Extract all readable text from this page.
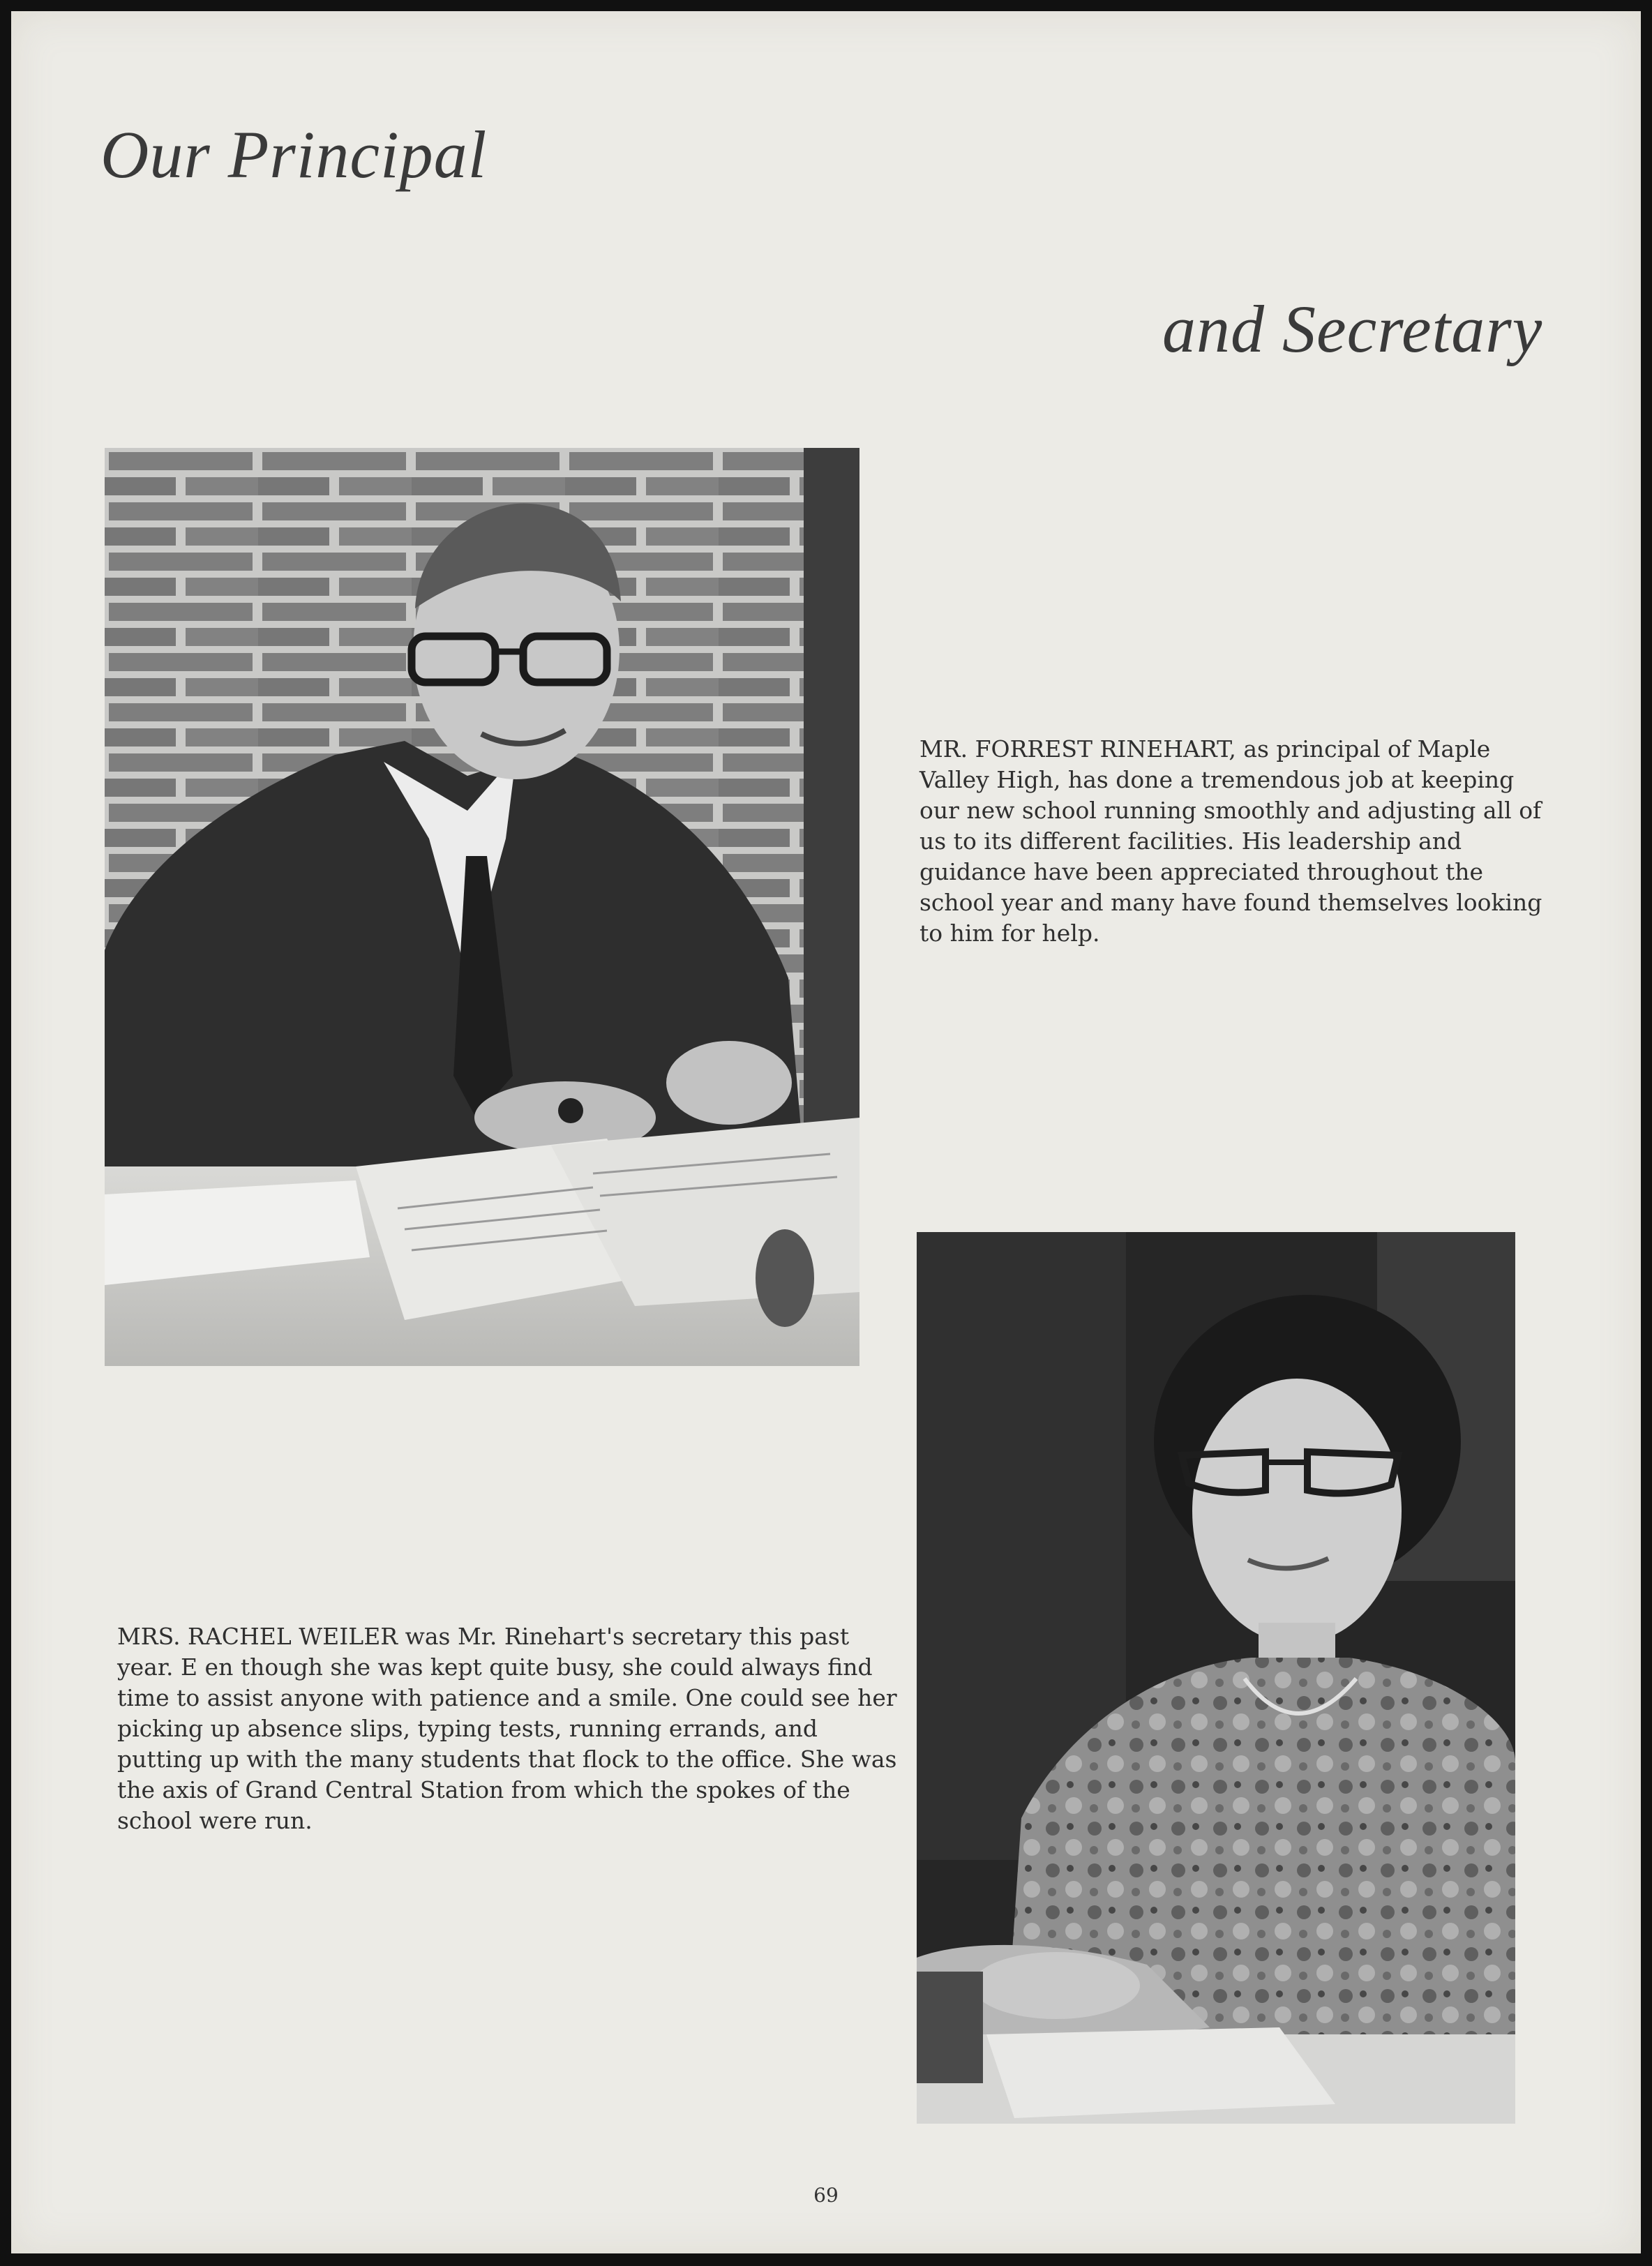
Our Principal
and Secretary

MR. FORREST RINEHART, as principal of Maple Valley High, has done a tremendous job at keeping our new school running smoothly and adjusting all of us to its different facilities. His leadership and guidance have been appreciated throughout the school year and many have found themselves looking to him for help.

MRS. RACHEL WEILER was Mr. Rinehart's secretary this past year. E en though she was kept quite busy, she could always find time to assist anyone with patience and a smile. One could see her picking up absence slips, typing tests, running errands, and putting up with the many students that flock to the office. She was the axis of Grand Central Station from which the spokes of the school were run.

69
